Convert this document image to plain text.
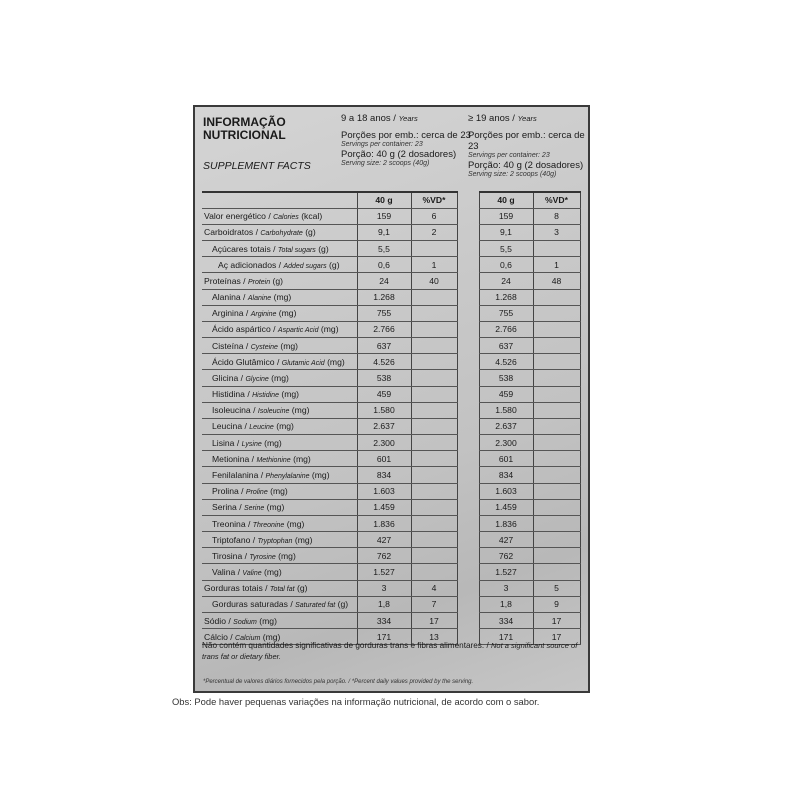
INFORMAÇÃO
NUTRICIONAL
SUPPLEMENT FACTS
9 a 18 anos / Years
Porções por emb.: cerca de 23
Servings per container: 23
Porção: 40 g (2 dosadores)
Serving size: 2 scoops (40g)
≥ 19 anos / Years
Porções por emb.: cerca de 23
Servings per container: 23
Porção: 40 g (2 dosadores)
Serving size: 2 scoops (40g)
	40 g	%VD*		40 g	%VD*
Valor energético / Calories (kcal)	159	6		159	8
Carboidratos / Carbohydrate (g)	9,1	2		9,1	3
Açúcares totais / Total sugars (g)	5,5			5,5	
Aç adicionados / Added sugars (g)	0,6	1		0,6	1
Proteínas / Protein (g)	24	40		24	48
Alanina / Alanine (mg)	1.268			1.268	
Arginina / Arginine (mg)	755			755	
Ácido aspártico / Aspartic Acid (mg)	2.766			2.766	
Cisteína / Cysteine (mg)	637			637	
Ácido Glutâmico / Glutamic Acid (mg)	4.526			4.526	
Glicina / Glycine (mg)	538			538	
Histidina / Histidine (mg)	459			459	
Isoleucina / Isoleucine (mg)	1.580			1.580	
Leucina / Leucine (mg)	2.637			2.637	
Lisina / Lysine (mg)	2.300			2.300	
Metionina / Methionine (mg)	601			601	
Fenilalanina / Phenylalanine (mg)	834			834	
Prolina / Proline (mg)	1.603			1.603	
Serina / Serine (mg)	1.459			1.459	
Treonina / Threonine (mg)	1.836			1.836	
Triptofano / Tryptophan (mg)	427			427	
Tirosina / Tyrosine (mg)	762			762	
Valina / Valine (mg)	1.527			1.527	
Gorduras totais / Total fat (g)	3	4		3	5
Gorduras saturadas / Saturated fat (g)	1,8	7		1,8	9
Sódio / Sodium (mg)	334	17		334	17
Cálcio / Calcium (mg)	171	13		171	17
Não contém quantidades significativas de gorduras trans e fibras alimentares. / Not a significant source of trans fat or dietary fiber.
*Percentual de valores diários fornecidos pela porção. / *Percent daily values provided by the serving.
Obs: Pode haver pequenas variações na informação nutricional, de acordo com o sabor.
